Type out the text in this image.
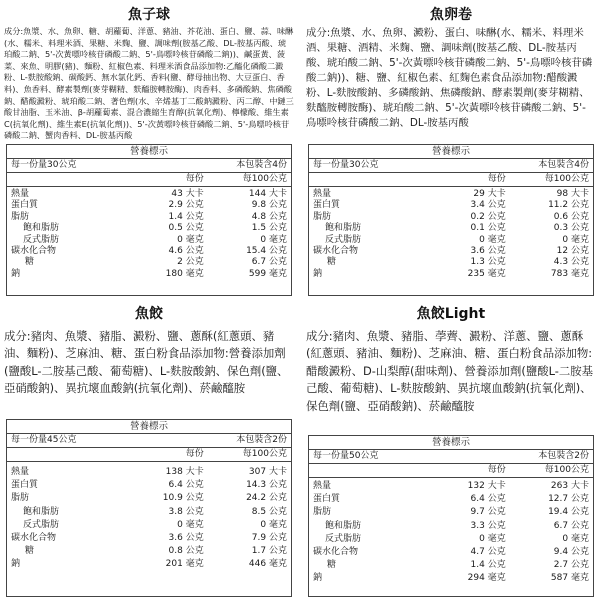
魚子球
成分:魚漿、水、魚卵、糖、胡蘿蔔、洋蔥、豬油、芥花油、蛋白、鹽、蒜、味醂(水、糯米、料理米酒、果糖、米麴、鹽、調味劑(胺基乙酸、DL-胺基丙酸、琥珀酸二鈉、5'-次黃嘌呤核苷磷酸二鈉、5'-鳥嘌呤核苷磷酸二鈉))、鹹蛋黃、菠菜、來魚、明膠(豬)、麵粉、紅椒色素、料理米酒食品添加物:乙醯化磷酸二澱粉、L-麩胺酸鈉、碳酸鈣、無水氯化鈣、香料(鹽、酵母抽出物、大豆蛋白、香料)、魚香料、酵素製劑(麥芽糊精、麩醯胺轉胺酶)、肉香料、多磷酸鈉、焦磷酸鈉、醋酸澱粉、琥珀酸二鈉、著色劑(水、辛烯基丁二酸鈉澱粉、丙二醇、中鏈三酸甘油脂、玉米油、β-胡蘿蔔素、混合濃縮生育醇(抗氧化劑)、檸檬酸、維生素C(抗氧化劑)、維生素E(抗氧化劑))、5'-次黃嘌呤核苷磷酸二鈉、5'-鳥嘌呤核苷磷酸二鈉、蟹肉香料、DL-胺基丙酸
營養標示
每一份量30公克	本包裝含4份
每份	每100公克
熱量	43 大卡	144 大卡
蛋白質	2.9 公克	9.8 公克
脂肪	1.4 公克	4.8 公克
飽和脂肪	0.5 公克	1.5 公克
反式脂肪	0 毫克	0 毫克
碳水化合物	4.6 公克	15.4 公克
糖	2 公克	6.7 公克
鈉	180 毫克	599 毫克
魚卵卷
成分:魚漿、水、魚卵、澱粉、蛋白、味醂(水、糯米、料理米酒、果糖、酒精、米麴、鹽、調味劑(胺基乙酸、DL-胺基丙酸、琥珀酸二鈉、5'-次黃嘌呤核苷磷酸二鈉、5'-鳥嘌呤核苷磷酸二鈉))、糖、鹽、紅椒色素、紅麴色素食品添加物:醋酸澱粉、L-麩胺酸鈉、多磷酸鈉、焦磷酸鈉、酵素製劑(麥芽糊精、麩醯胺轉胺酶)、琥珀酸二鈉、5'-次黃嘌呤核苷磷酸二鈉、5'-鳥嘌呤核苷磷酸二鈉、DL-胺基丙酸
營養標示
每一份量30公克	本包裝含4份
每份	每100公克
熱量	29 大卡	98 大卡
蛋白質	3.4 公克	11.2 公克
脂肪	0.2 公克	0.6 公克
飽和脂肪	0.1 公克	0.3 公克
反式脂肪	0 毫克	0 毫克
碳水化合物	3.6 公克	12 公克
糖	1.3 公克	4.3 公克
鈉	235 毫克	783 毫克
魚餃
成分:豬肉、魚漿、豬脂、澱粉、鹽、蔥酥(紅蔥頭、豬油、麵粉)、芝麻油、糖、蛋白粉食品添加物:營養添加劑(鹽酸L-二胺基己酸、葡萄糖)、L-麩胺酸鈉、保色劑(鹽、亞硝酸鈉)、異抗壞血酸鈉(抗氧化劑)、菸鹼醯胺
營養標示
每一份量45公克	本包裝含2份
每份	每100公克
熱量	138 大卡	307 大卡
蛋白質	6.4 公克	14.3 公克
脂肪	10.9 公克	24.2 公克
飽和脂肪	3.8 公克	8.5 公克
反式脂肪	0 毫克	0 毫克
碳水化合物	3.6 公克	7.9 公克
糖	0.8 公克	1.7 公克
鈉	201 毫克	446 毫克
魚餃Light
成分:豬肉、魚漿、豬脂、荸薺、澱粉、洋蔥、鹽、蔥酥(紅蔥頭、豬油、麵粉)、芝麻油、糖、蛋白粉食品添加物:醋酸澱粉、D-山梨醇(甜味劑)、營養添加劑(鹽酸L-二胺基己酸、葡萄糖)、L-麩胺酸鈉、異抗壞血酸鈉(抗氧化劑)、保色劑(鹽、亞硝酸鈉)、菸鹼醯胺
營養標示
每一份量50公克	本包裝含2份
每份	每100公克
熱量	132 大卡	263 大卡
蛋白質	6.4 公克	12.7 公克
脂肪	9.7 公克	19.4 公克
飽和脂肪	3.3 公克	6.7 公克
反式脂肪	0 毫克	0 毫克
碳水化合物	4.7 公克	9.4 公克
糖	1.4 公克	2.7 公克
鈉	294 毫克	587 毫克
